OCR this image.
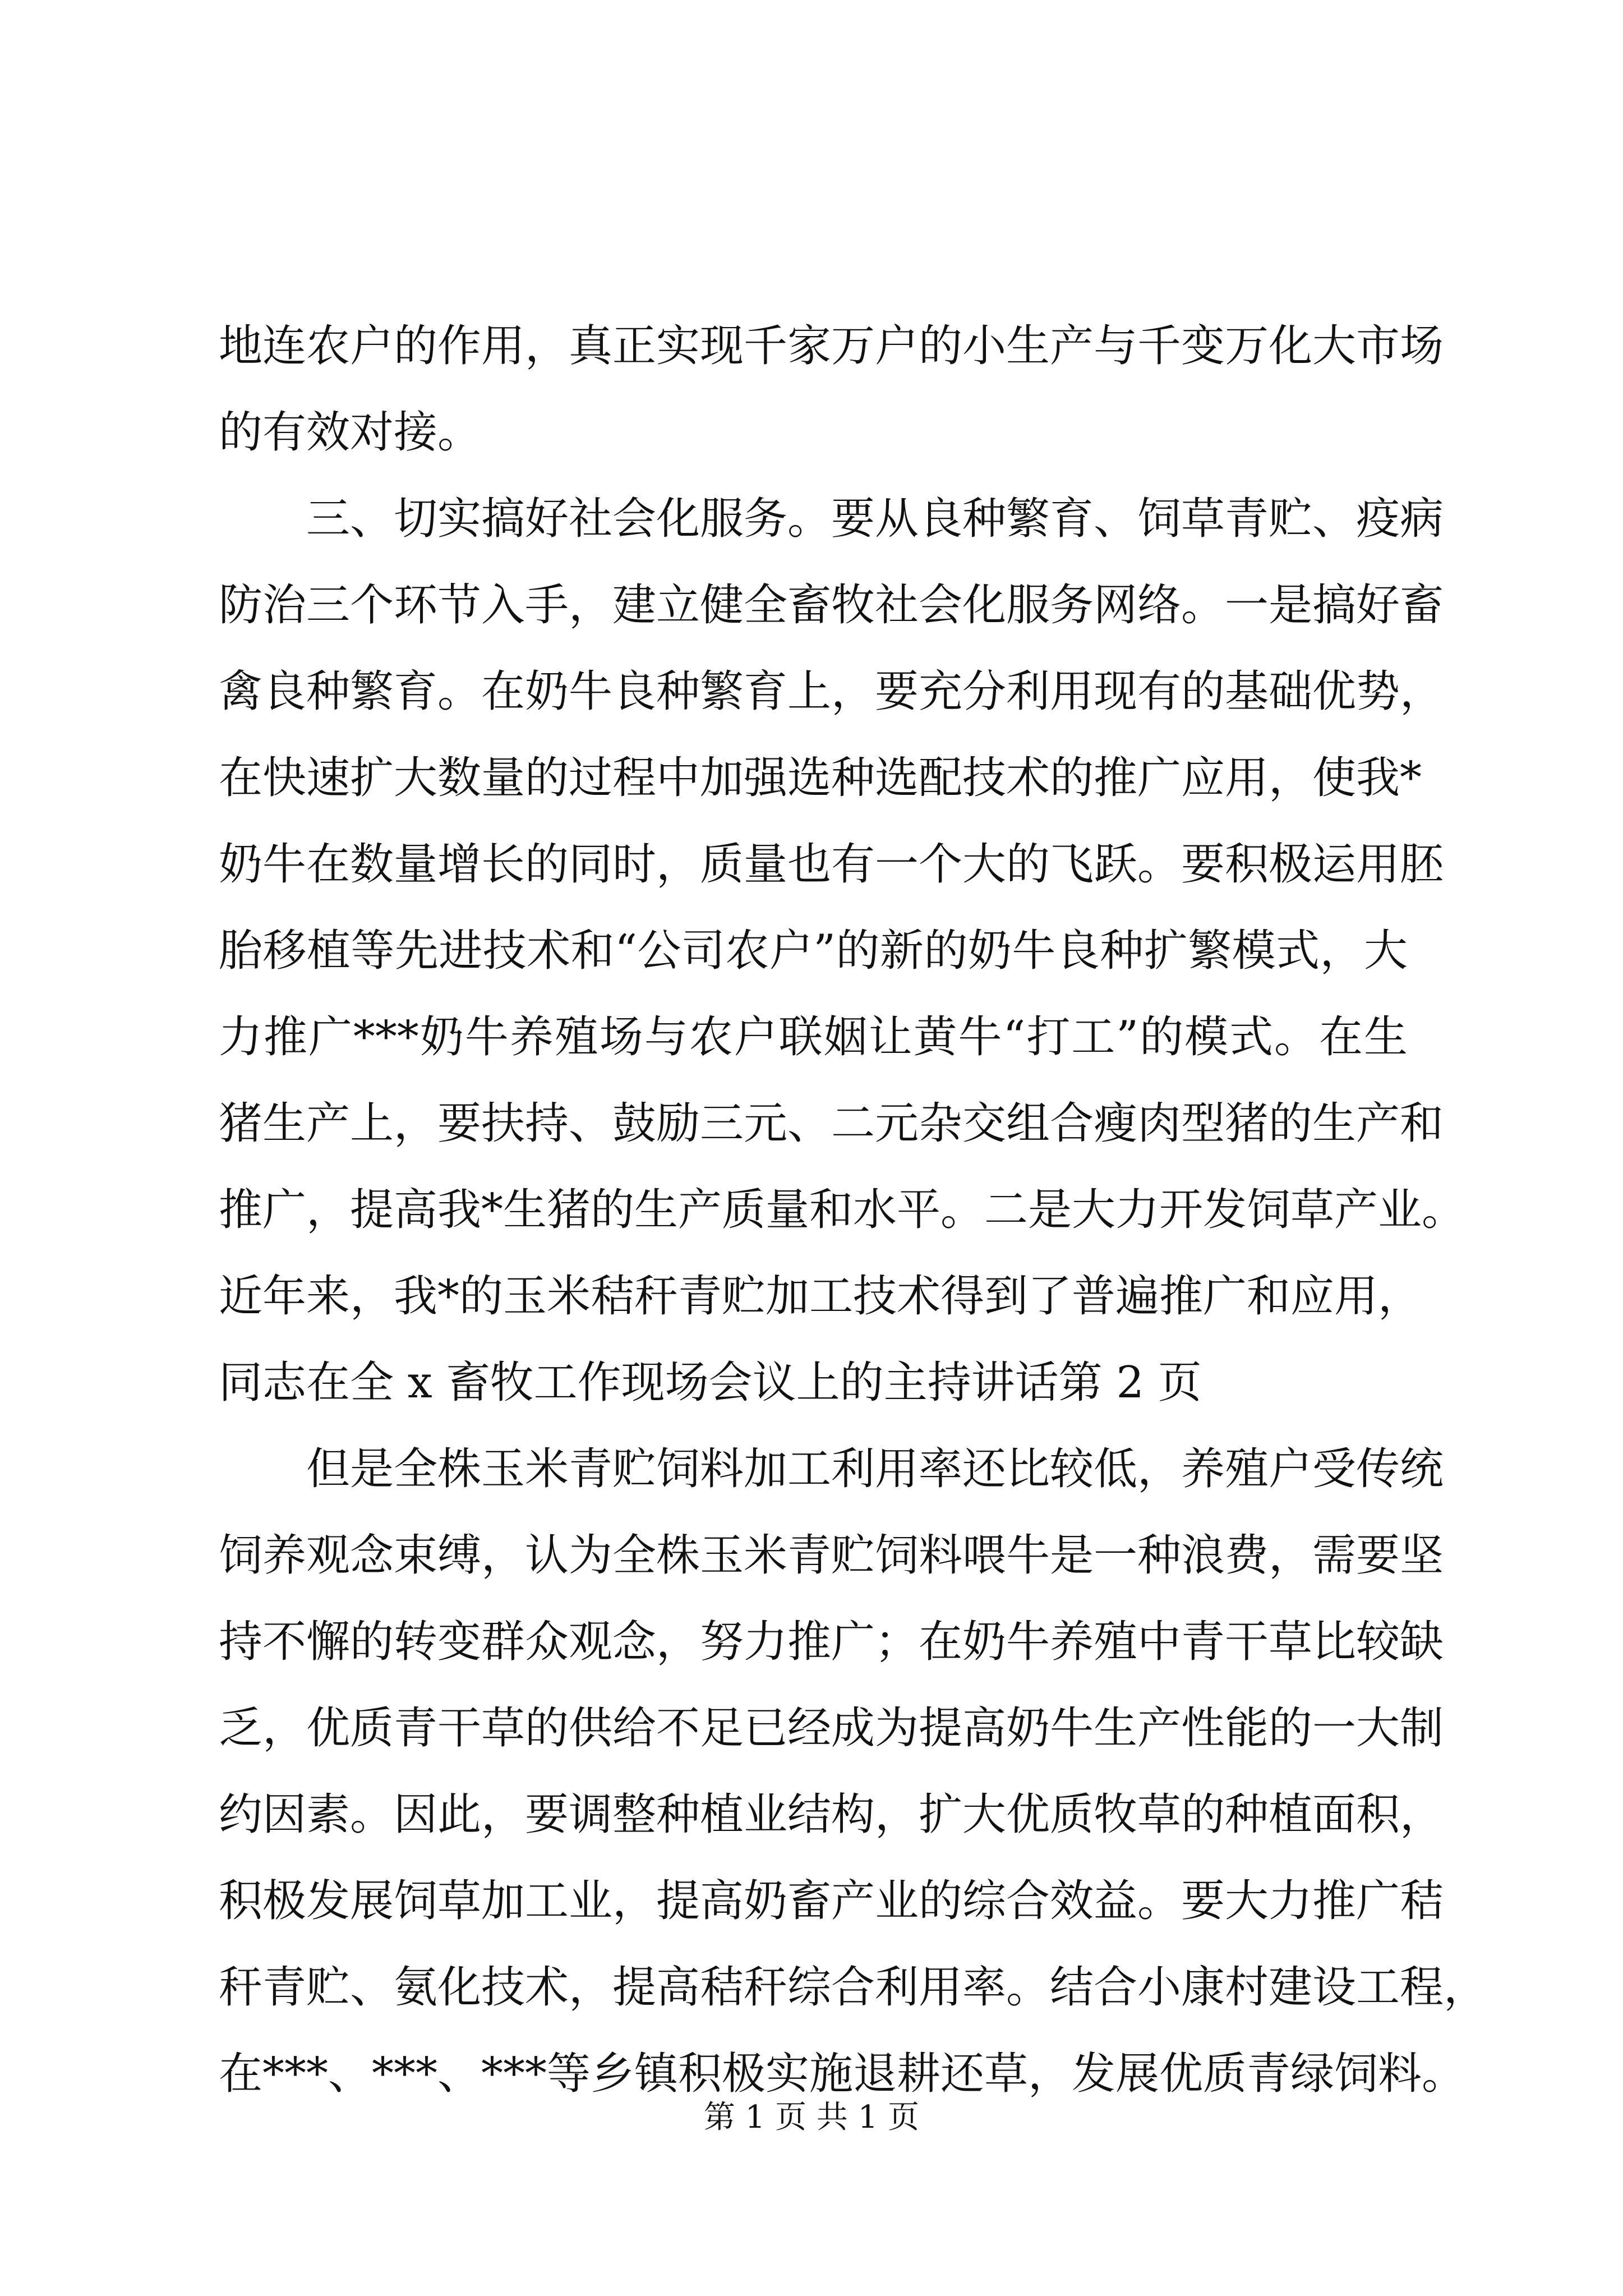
地连农户的作用，真正实现千家万户的小生产与千变万化大市场
的有效对接。
三、切实搞好社会化服务。要从良种繁育、饲草青贮、疫病
防治三个环节入手，建立健全畜牧社会化服务网络。一是搞好畜
禽良种繁育。在奶牛良种繁育上，要充分利用现有的基础优势，
在快速扩大数量的过程中加强选种选配技术的推广应用，使我*
奶牛在数量增长的同时，质量也有一个大的飞跃。要积极运用胚
胎移植等先进技术和“公司农户”的新的奶牛良种扩繁模式，大
力推广***奶牛养殖场与农户联姻让黄牛“打工”的模式。在生
猪生产上，要扶持、鼓励三元、二元杂交组合瘦肉型猪的生产和
推广，提高我*生猪的生产质量和水平。二是大力开发饲草产业。
近年来，我*的玉米秸秆青贮加工技术得到了普遍推广和应用，
同志在全 x 畜牧工作现场会议上的主持讲话第 2 页
但是全株玉米青贮饲料加工利用率还比较低，养殖户受传统
饲养观念束缚，认为全株玉米青贮饲料喂牛是一种浪费，需要坚
持不懈的转变群众观念，努力推广；在奶牛养殖中青干草比较缺
乏，优质青干草的供给不足已经成为提高奶牛生产性能的一大制
约因素。因此，要调整种植业结构，扩大优质牧草的种植面积，
积极发展饲草加工业，提高奶畜产业的综合效益。要大力推广秸
秆青贮、氨化技术，提高秸秆综合利用率。结合小康村建设工程，
在***、***、***等乡镇积极实施退耕还草，发展优质青绿饲料。
第 1 页 共 1 页
